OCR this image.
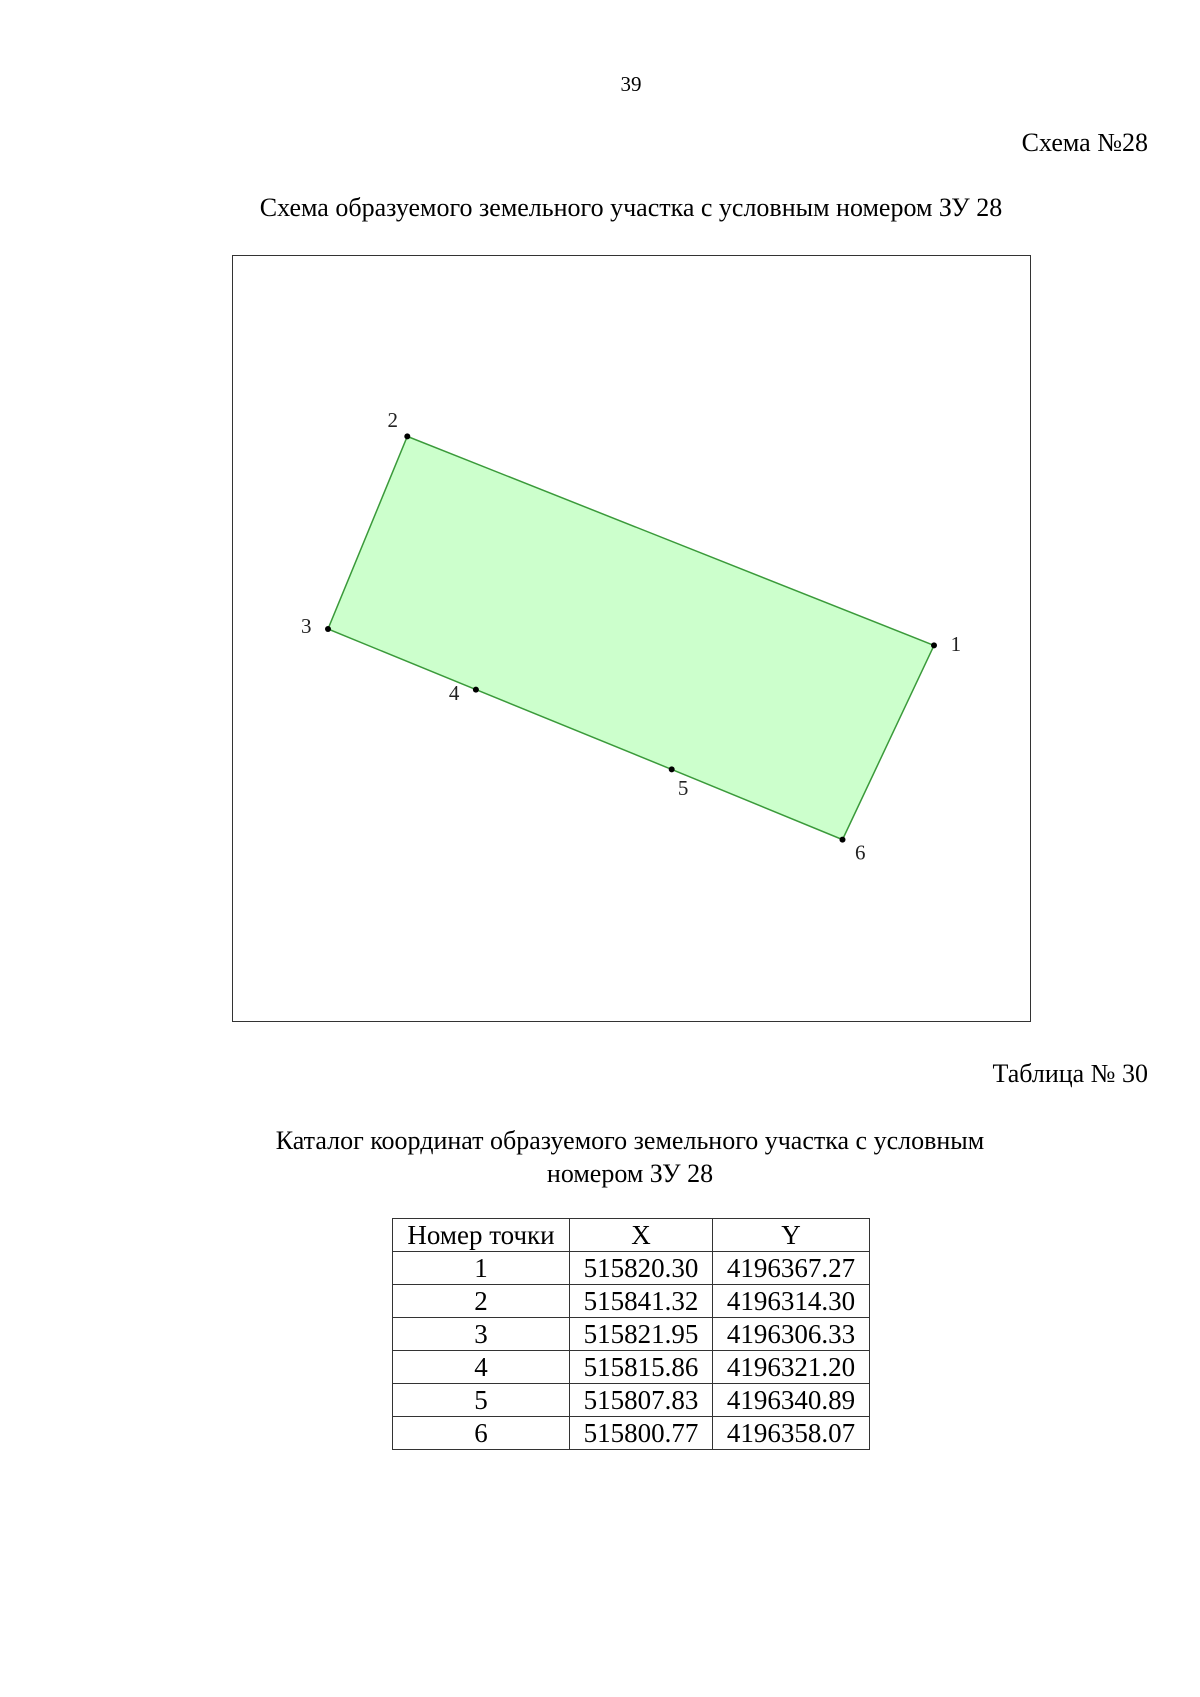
39
Схема №28
Схема образуемого земельного участка с условным номером ЗУ 28
1
2
3
4
5
6
Таблица № 30
Каталог координат образуемого земельного участка с условным
номером ЗУ 28
Номер точки	X	Y
1	515820.30	4196367.27
2	515841.32	4196314.30
3	515821.95	4196306.33
4	515815.86	4196321.20
5	515807.83	4196340.89
6	515800.77	4196358.07
